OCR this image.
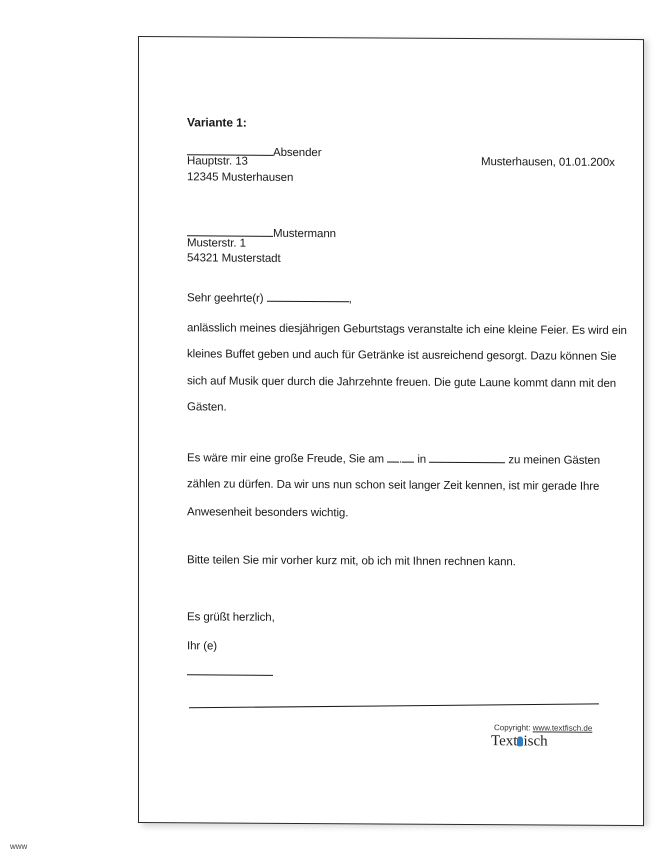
Variante 1:
Absender
Hauptstr. 13
12345 Musterhausen
Musterhausen, 01.01.200x
Mustermann
Musterstr. 1
54321 Musterstadt
Sehr geehrte(r)	,
anlässlich meines diesjährigen Geburtstags veranstalte ich eine kleine Feier. Es wird ein
kleines Buffet geben und auch für Getränke ist ausreichend gesorgt. Dazu können Sie
sich auf Musik quer durch die Jahrzehnte freuen. Die gute Laune kommt dann mit den
Gästen.
Es wäre mir eine große Freude, Sie am . in	zu meinen Gästen
zählen zu dürfen. Da wir uns nun schon seit langer Zeit kennen, ist mir gerade Ihre
Anwesenheit besonders wichtig.
Bitte teilen Sie mir vorher kurz mit, ob ich mit Ihnen rechnen kann.
Es grüßt herzlich,
Ihr (e)
Copyright: www.textfisch.de
Text isch
www
